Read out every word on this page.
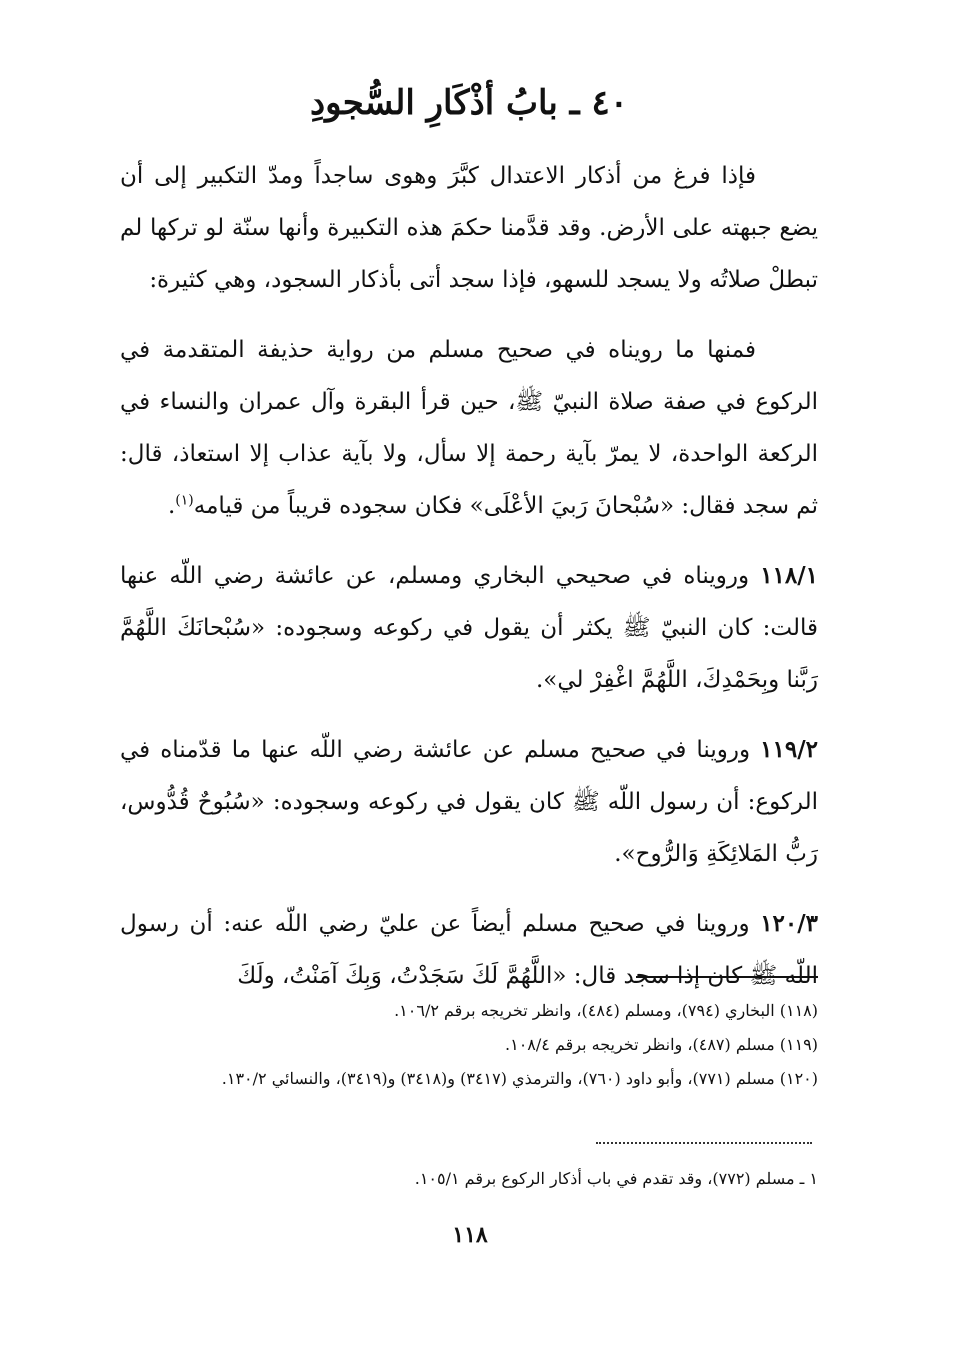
٤٠ ـ بابُ أذْكَارِ السُّجودِ

فإذا فرغ من أذكار الاعتدال كبَّرَ وهوى ساجداً ومدّ التكبير إلى أن يضع جبهته على الأرض. وقد قدَّمنا حكمَ هذه التكبيرة وأنها سنّة لو تركها لم تبطلْ صلاتُه ولا يسجد للسهو، فإذا سجد أتى بأذكار السجود، وهي كثيرة:

فمنها ما رويناه في صحيح مسلم من رواية حذيفة المتقدمة في الركوع في صفة صلاة النبيّ ﷺ، حين قرأ البقرة وآل عمران والنساء في الركعة الواحدة، لا يمرّ بآية رحمة إلا سأل، ولا بآية عذاب إلا استعاذ، قال: ثم سجد فقال: «سُبْحانَ رَبيَ الأعْلَى» فكان سجوده قريباً من قيامه$^{(١)}$.

١١٨/١ ورويناه في صحيحي البخاري ومسلم، عن عائشة رضي اللّه عنها قالت: كان النبيّ ﷺ يكثر أن يقول في ركوعه وسجوده: «سُبْحانَكَ اللَّهُمَّ رَبَّنا وبِحَمْدِكَ، اللَّهُمَّ اغْفِرْ لي».

١١٩/٢ وروينا في صحيح مسلم عن عائشة رضي اللّه عنها ما قدّمناه في الركوع: أن رسول اللّه ﷺ كان يقول في ركوعه وسجوده: «سُبُوحٌ قُدُّوس، رَبُّ المَلائِكَةِ وَالرُّوح».

١٢٠/٣ وروينا في صحيح مسلم أيضاً عن عليّ رضي اللّه عنه: أن رسول اللّه ﷺ كان إذا سجد قال: «اللَّهُمَّ لَكَ سَجَدْتُ، وَبِكَ آمَنْتُ، ولَكَ

(١١٨) البخاري (٧٩٤)، ومسلم (٤٨٤)، وانظر تخريجه برقم ١٠٦/٢.

(١١٩) مسلم (٤٨٧)، وانظر تخريجه برقم ١٠٨/٤.

(١٢٠) مسلم (٧٧١)، وأبو داود (٧٦٠)، والترمذي (٣٤١٧) و(٣٤١٨) و(٣٤١٩)، والنسائي ١٣٠/٢.

١ ـ مسلم (٧٧٢)، وقد تقدم في باب أذكار الركوع برقم ١٠٥/١.

١١٨
